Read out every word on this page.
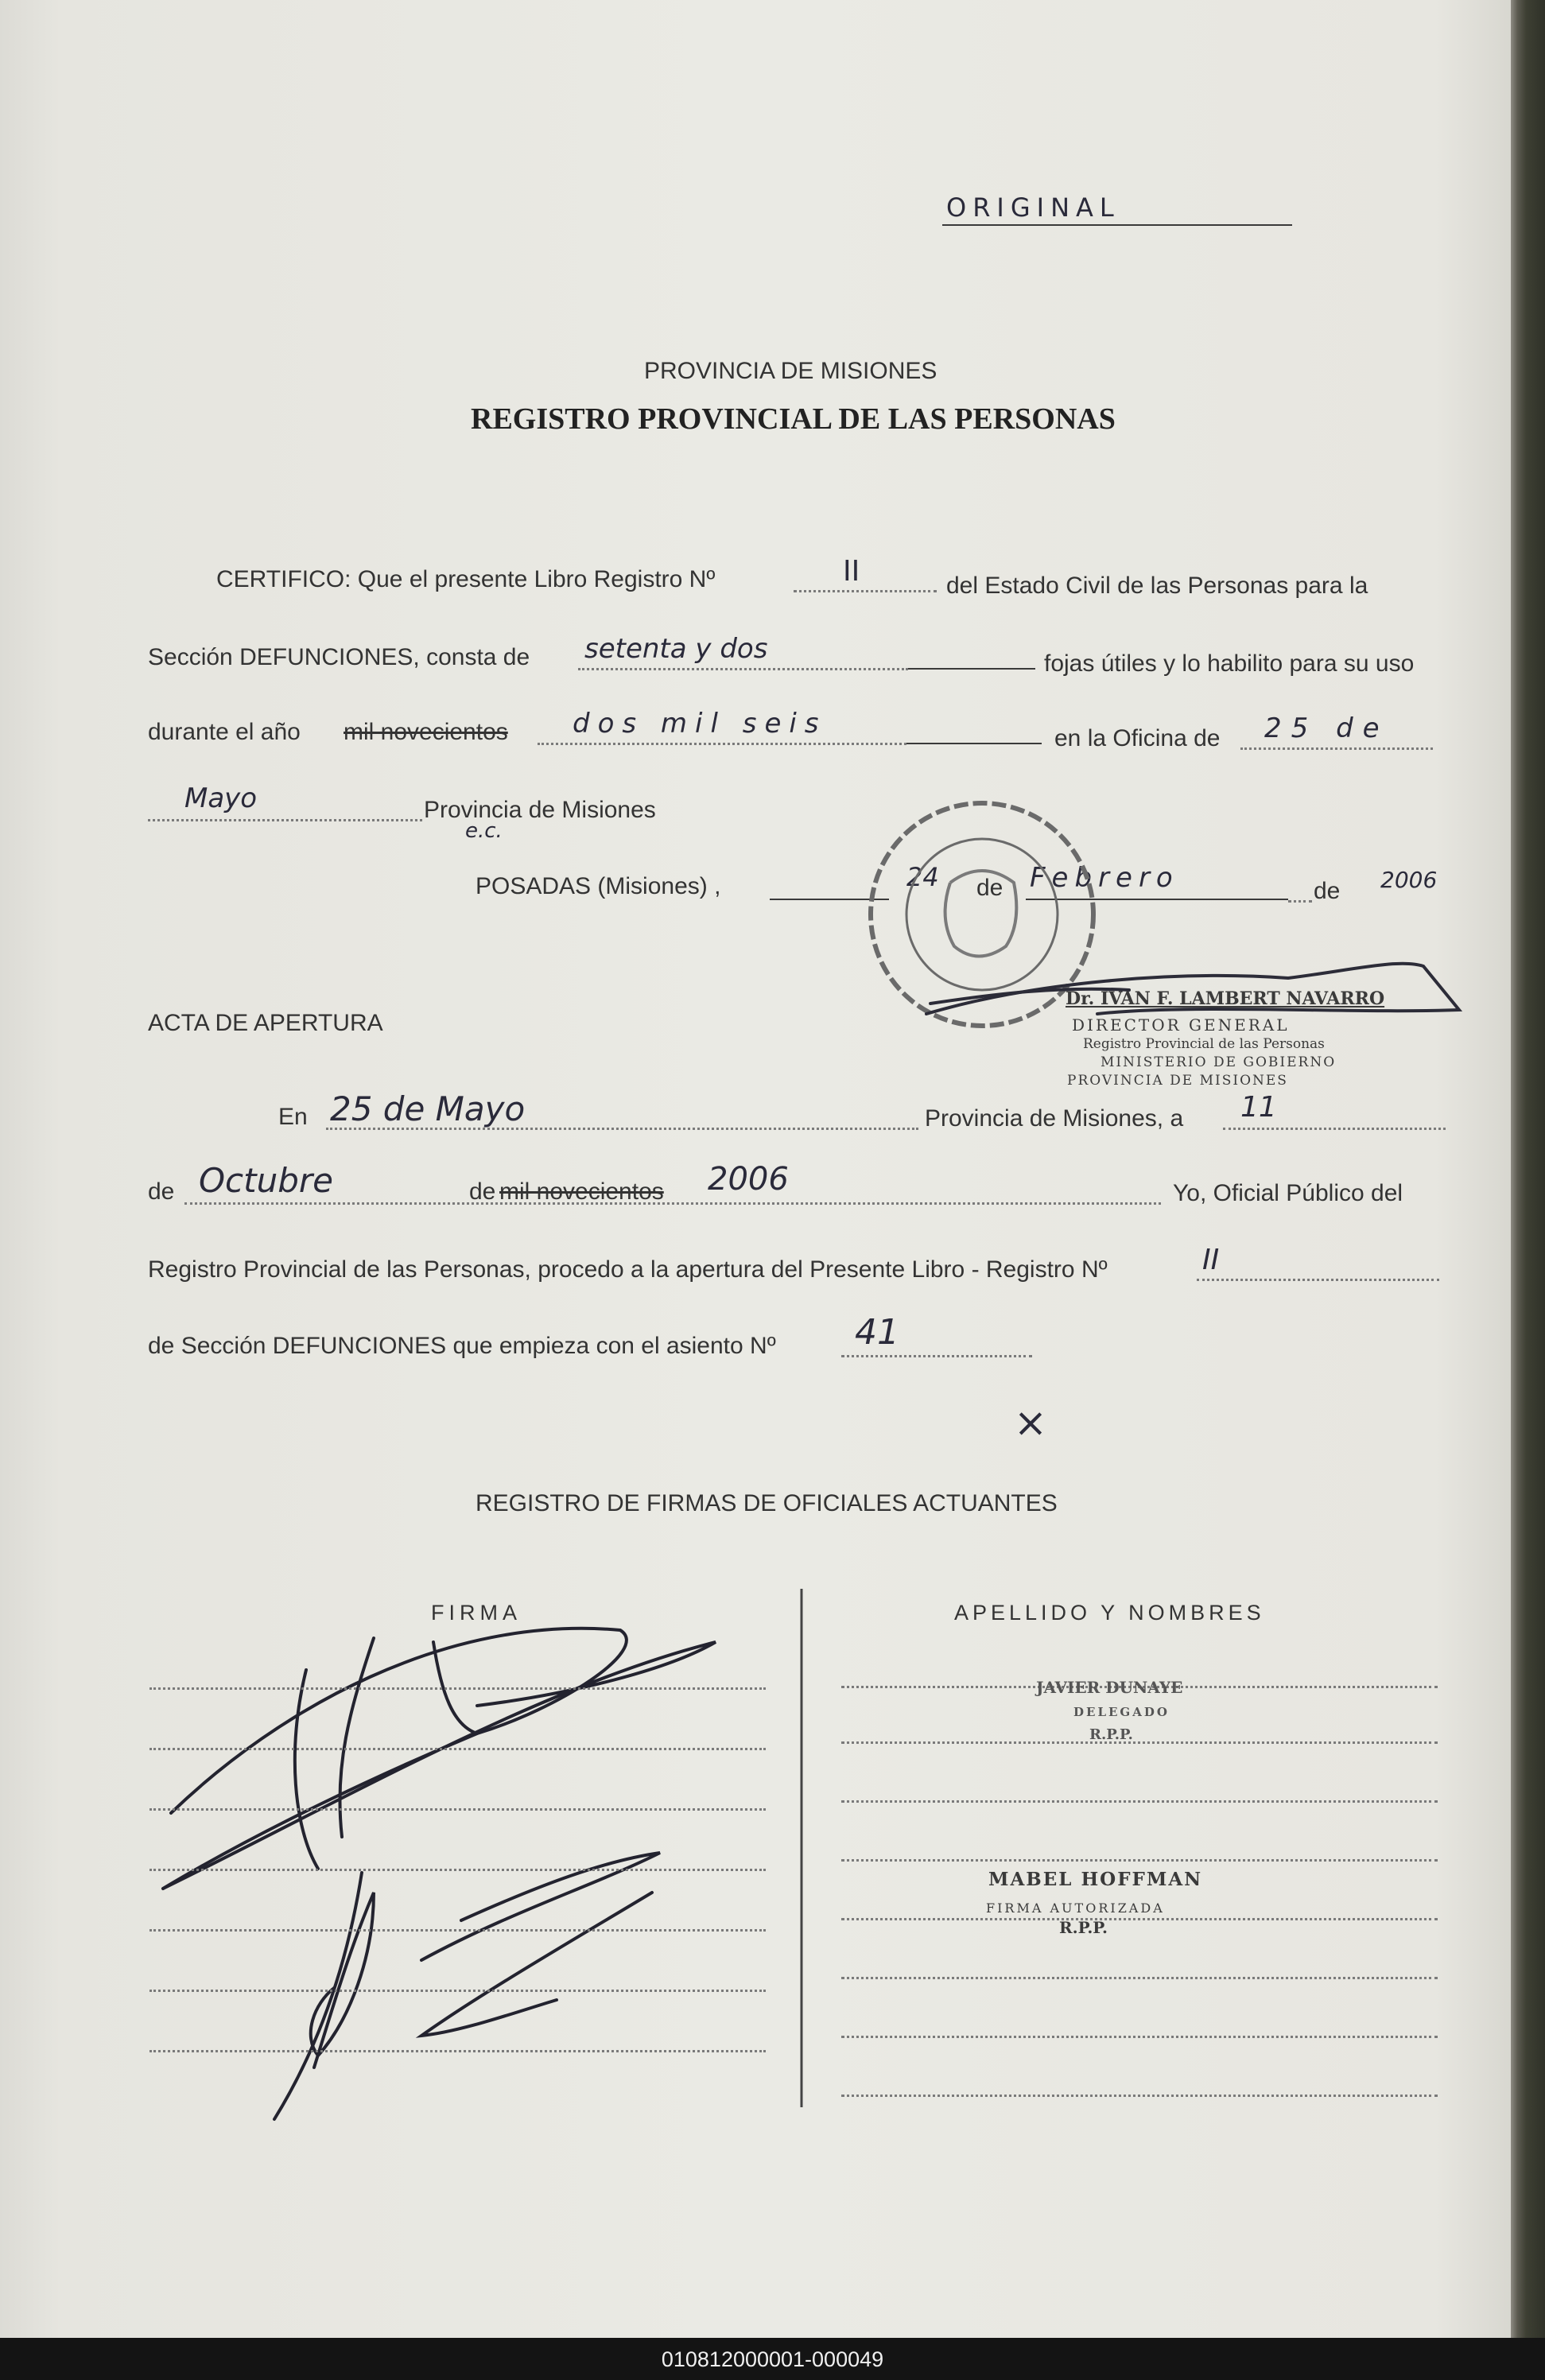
ORIGINAL
PROVINCIA DE MISIONES
REGISTRO PROVINCIAL DE LAS PERSONAS
CERTIFICO: Que el presente Libro Registro Nº	II	del Estado Civil de las Personas para la
Sección DEFUNCIONES, consta de setenta y dos	fojas útiles y lo habilito para su uso
durante el año mil novecientos dos mil seis	en la Oficina de 25 de
Mayo	Provincia de Misiones
e.c.
POSADAS (Misiones) ,	24 de Febrero	de 2006
Dr. IVAN F. LAMBERT NAVARRO
DIRECTOR GENERAL
Registro Provincial de las Personas
MINISTERIO DE GOBIERNO
PROVINCIA DE MISIONES
ACTA DE APERTURA
En 25 de Mayo	Provincia de Misiones, a 11
de Octubre	de mil novecientos 2006	Yo, Oficial Público del
Registro Provincial de las Personas, procedo a la apertura del Presente Libro - Registro Nº	II
de Sección DEFUNCIONES que empieza con el asiento Nº 41
×
REGISTRO DE FIRMAS DE OFICIALES ACTUANTES
FIRMA	APELLIDO Y NOMBRES
JAVIER DUNAYE
DELEGADO
R.P.P.
MABEL HOFFMAN
FIRMA AUTORIZADA
R.P.P.
010812000001-000049
